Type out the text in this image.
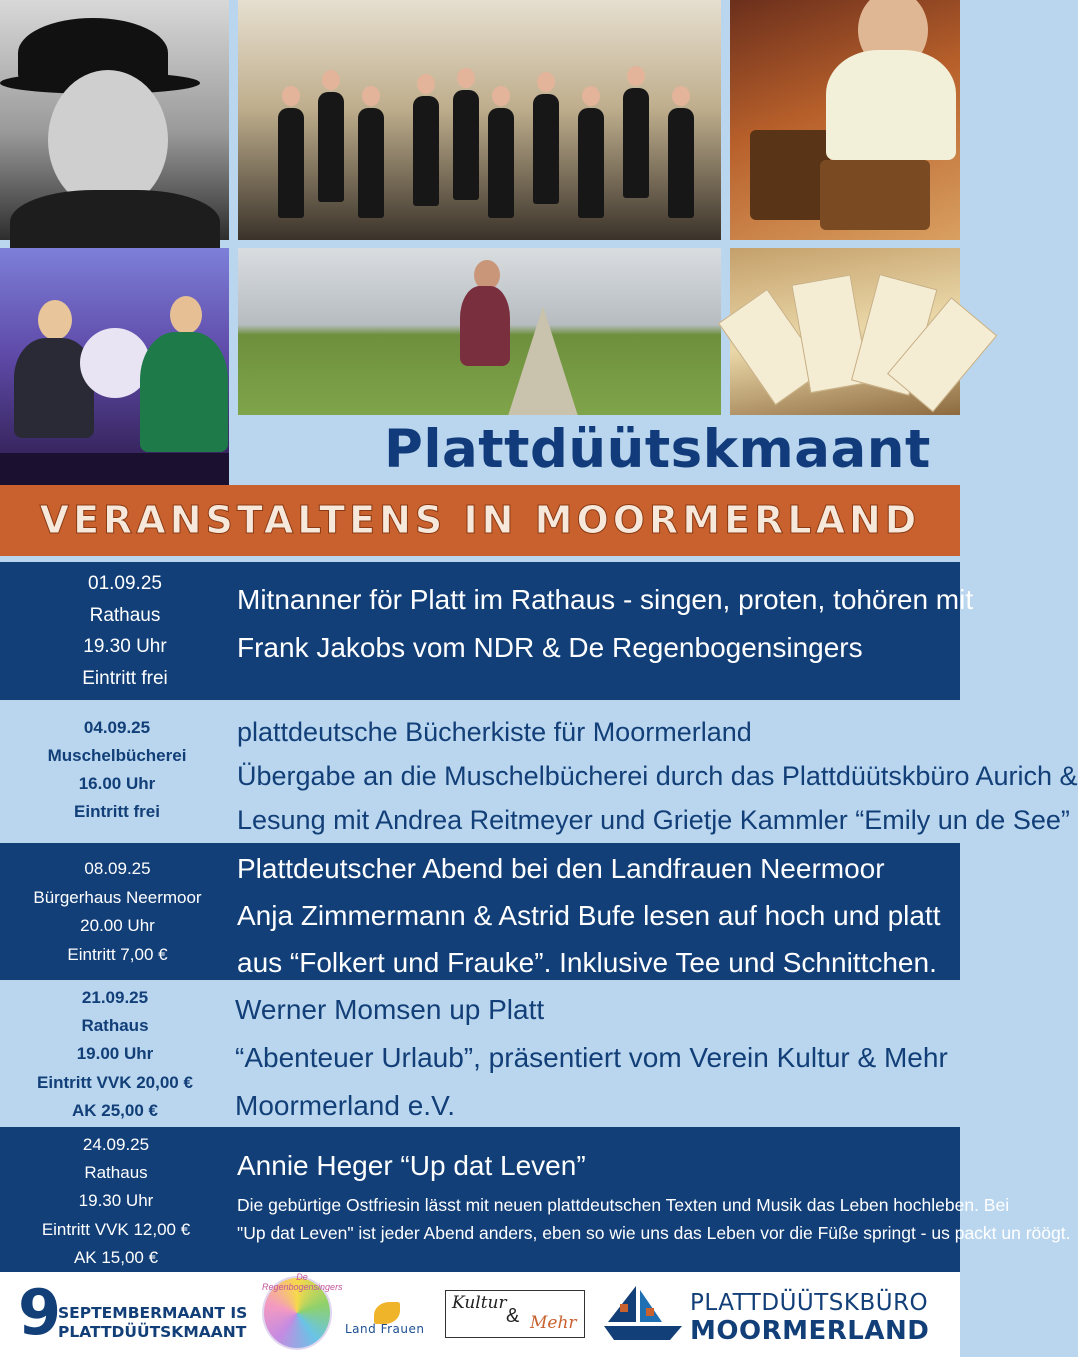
Plattdüütskmaant
VERANSTALTENS IN MOORMERLAND
01.09.25
Rathaus
19.30 Uhr
Eintritt frei
Mitnanner för Platt im Rathaus - singen, proten, tohören mit
Frank Jakobs vom NDR & De Regenbogensingers
04.09.25
Muschelbücherei
16.00 Uhr
Eintritt frei
plattdeutsche Bücherkiste für Moormerland
Übergabe an die Muschelbücherei durch das Plattdüütskbüro Aurich &
Lesung mit Andrea Reitmeyer und Grietje Kammler “Emily un de See”
08.09.25
Bürgerhaus Neermoor
20.00 Uhr
Eintritt 7,00 €
Plattdeutscher Abend bei den Landfrauen Neermoor
Anja Zimmermann & Astrid Bufe lesen auf hoch und platt
aus “Folkert und Frauke”. Inklusive Tee und Schnittchen.
21.09.25
Rathaus
19.00 Uhr
Eintritt VVK 20,00 €
AK 25,00 €
Werner Momsen up Platt
“Abenteuer Urlaub”, präsentiert vom Verein Kultur & Mehr
Moormerland e.V.
24.09.25
Rathaus
19.30 Uhr
Eintritt VVK 12,00 €
AK 15,00 €
Annie Heger “Up dat Leven”
Die gebürtige Ostfriesin lässt mit neuen plattdeutschen Texten und Musik das Leben hochleben. Bei
"Up dat Leven" ist jeder Abend anders, eben so wie uns das Leben vor die Füße springt - us packt un röögt.
9
SEPTEMBERMAANT IS
PLATTDÜÜTSKMAANT
De Regenbogensingers
Land Frauen
Kultur
& Mehr
PLATTDÜÜTSKBÜRO
MOORMERLAND
